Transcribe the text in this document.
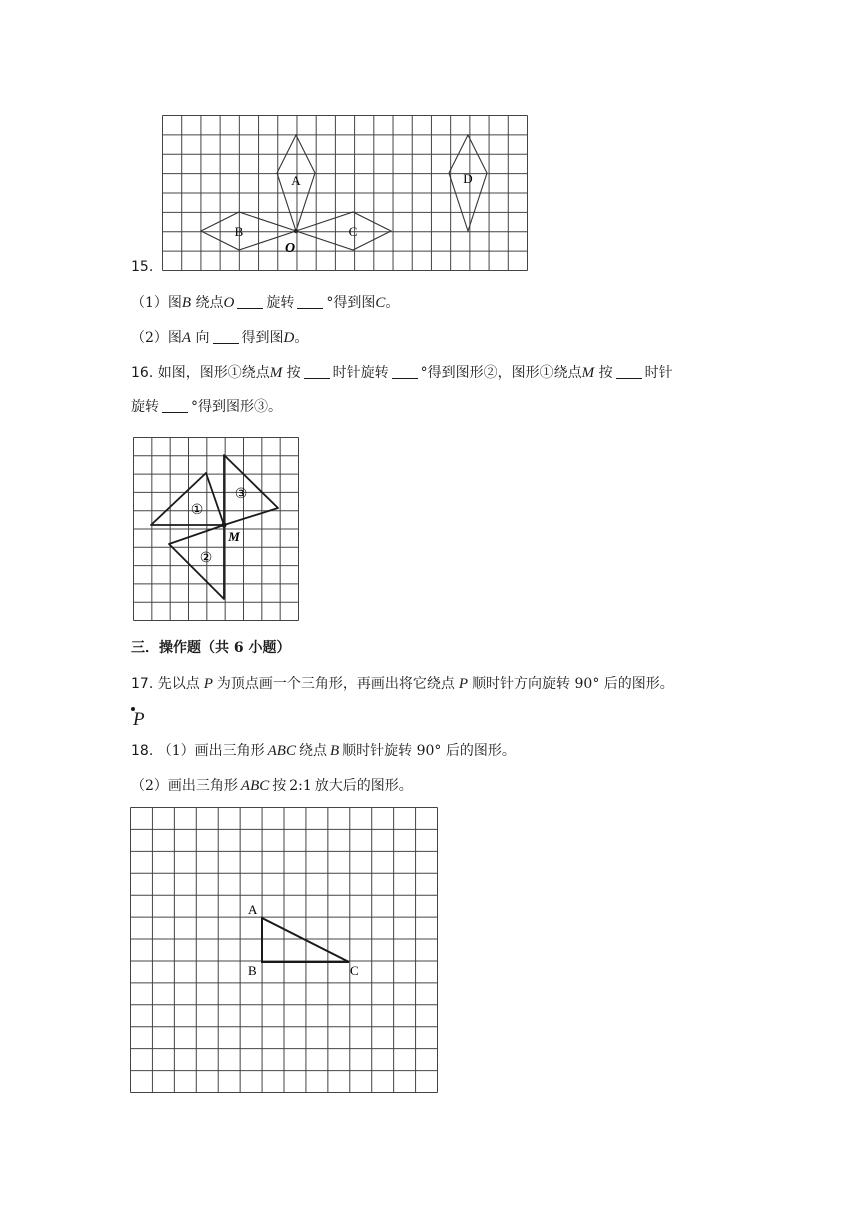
A
B	C
D
O
15.
（1）图B 绕点O 旋转 °得到图C。
（2）图A 向 得到图D。
16. 如图，图形①绕点M 按 时针旋转 °得到图形②，图形①绕点M 按 时针
旋转 °得到图形③。
①
②
③
M
三．操作题（共 6 小题）
17. 先以点 P 为顶点画一个三角形，再画出将它绕点 P 顺时针方向旋转 90° 后的图形。
P
18. （1）画出三角形 ABC 绕点 B 顺时针旋转 90° 后的图形。
（2）画出三角形 ABC 按 2:1 放大后的图形。
A
B	C
